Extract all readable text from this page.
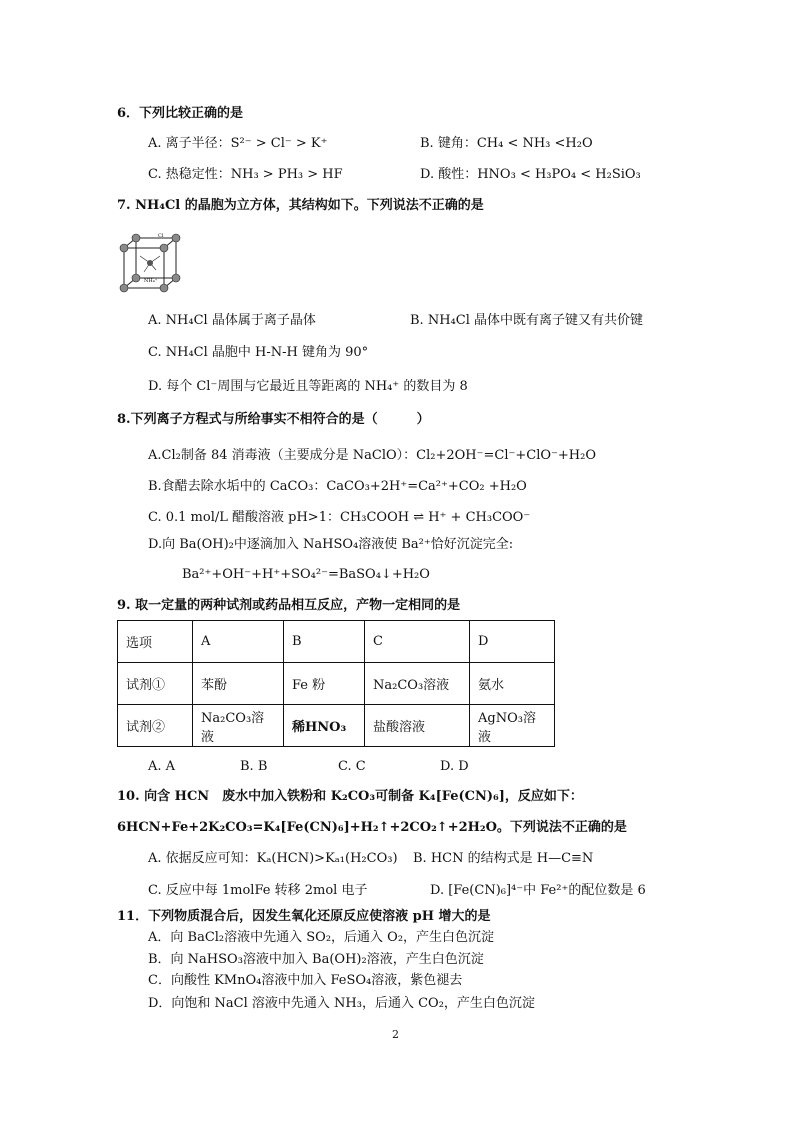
6．下列比较正确的是
A. 离子半径：S²⁻ > Cl⁻ > K⁺	B. 键角：CH₄ < NH₃ <H₂O
C. 热稳定性：NH₃ > PH₃ > HF	D. 酸性：HNO₃ < H₃PO₄ < H₂SiO₃
7. NH₄Cl 的晶胞为立方体，其结构如下。下列说法不正确的是
Cl
NH₄⁺
A. NH₄Cl 晶体属于离子晶体	B. NH₄Cl 晶体中既有离子键又有共价键
C. NH₄Cl 晶胞中 H-N-H 键角为 90°
D. 每个 Cl⁻周围与它最近且等距离的 NH₄⁺ 的数目为 8
8.下列离子方程式与所给事实不相符合的是（　　　）
A.Cl₂制备 84 消毒液（主要成分是 NaClO）：Cl₂+2OH⁻=Cl⁻+ClO⁻+H₂O
B.食醋去除水垢中的 CaCO₃：CaCO₃+2H⁺=Ca²⁺+CO₂ +H₂O
C. 0.1 mol/L 醋酸溶液 pH>1：CH₃COOH ⇌ H⁺ + CH₃COO⁻
D.向 Ba(OH)₂中逐滴加入 NaHSO₄溶液使 Ba²⁺恰好沉淀完全:
Ba²⁺+OH⁻+H⁺+SO₄²⁻=BaSO₄↓+H₂O
9. 取一定量的两种试剂或药品相互反应，产物一定相同的是
选项	A	B	C	D
试剂①	苯酚	Fe 粉	Na₂CO₃溶液	氨水
试剂②	Na₂CO₃溶液	稀HNO₃	盐酸溶液	AgNO₃溶液
A. A	B. B	C. C	D. D
10. 向含 HCN　废水中加入铁粉和 K₂CO₃可制备 K₄[Fe(CN)₆]，反应如下：
6HCN+Fe+2K₂CO₃=K₄[Fe(CN)₆]+H₂↑+2CO₂↑+2H₂O。下列说法不正确的是
A. 依据反应可知：Kₐ(HCN)>Kₐ₁(H₂CO₃) B. HCN 的结构式是 H—C≡N
C. 反应中每 1molFe 转移 2mol 电子	D. [Fe(CN)₆]⁴⁻中 Fe²⁺的配位数是 6
11．下列物质混合后，因发生氧化还原反应使溶液 pH 增大的是
A．向 BaCl₂溶液中先通入 SO₂，后通入 O₂，产生白色沉淀
B．向 NaHSO₃溶液中加入 Ba(OH)₂溶液，产生白色沉淀
C．向酸性 KMnO₄溶液中加入 FeSO₄溶液，紫色褪去
D．向饱和 NaCl 溶液中先通入 NH₃，后通入 CO₂，产生白色沉淀
2
